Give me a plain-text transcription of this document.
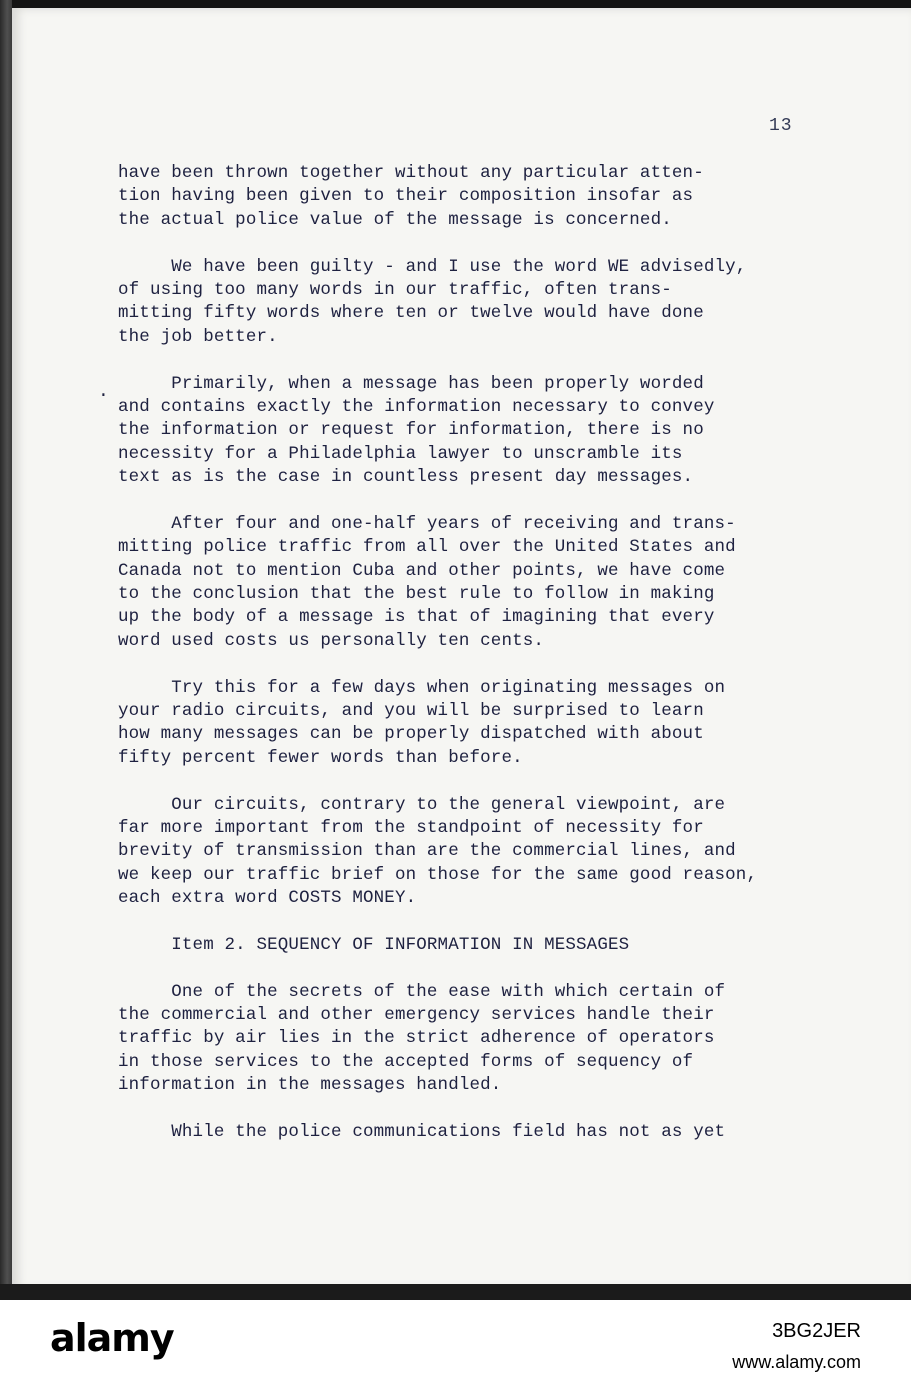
13
.
have been thrown together without any particular atten-
tion having been given to their composition insofar as
the actual police value of the message is concerned.
We have been guilty - and I use the word WE advisedly,
of using too many words in our traffic, often trans-
mitting fifty words where ten or twelve would have done
the job better.
Primarily, when a message has been properly worded
and contains exactly the information necessary to convey
the information or request for information, there is no
necessity for a Philadelphia lawyer to unscramble its
text as is the case in countless present day messages.
After four and one-half years of receiving and trans-
mitting police traffic from all over the United States and
Canada not to mention Cuba and other points, we have come
to the conclusion that the best rule to follow in making
up the body of a message is that of imagining that every
word used costs us personally ten cents.
Try this for a few days when originating messages on
your radio circuits, and you will be surprised to learn
how many messages can be properly dispatched with about
fifty percent fewer words than before.
Our circuits, contrary to the general viewpoint, are
far more important from the standpoint of necessity for
brevity of transmission than are the commercial lines, and
we keep our traffic brief on those for the same good reason,
each extra word COSTS MONEY.
Item 2. SEQUENCY OF INFORMATION IN MESSAGES
One of the secrets of the ease with which certain of
the commercial and other emergency services handle their
traffic by air lies in the strict adherence of operators
in those services to the accepted forms of sequency of
information in the messages handled.
While the police communications field has not as yet
alamy	3BG2JER
www.alamy.com
